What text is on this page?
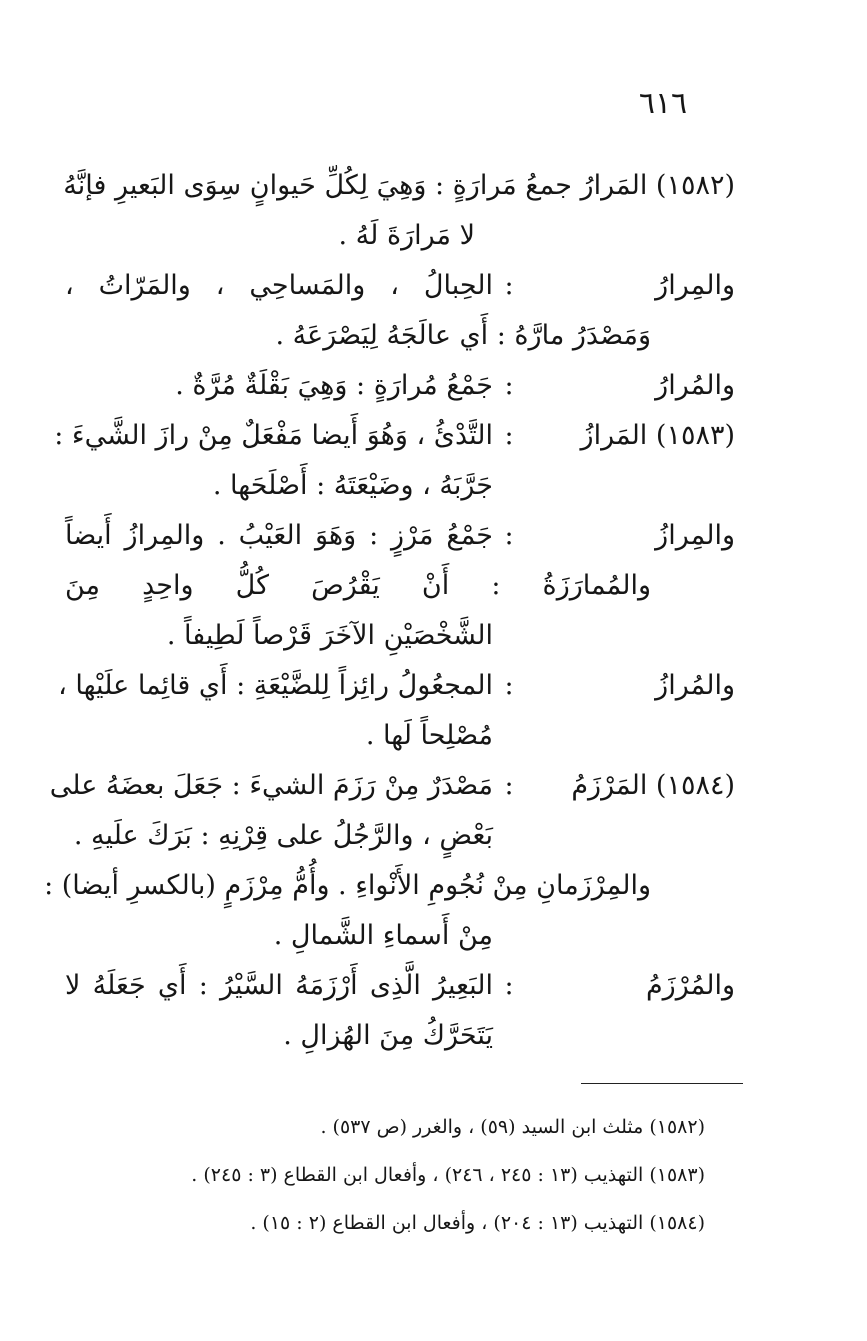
٦١٦
(١٥٨٢) المَرارُ جمعُ مَرارَةٍ : وَهِيَ لِكُلِّ حَيوانٍ سِوَى البَعيرِ فإنَّهُ
لا مَرارَةَ لَهُ .
والمِرارُ
:
الحِبالُ ، والمَساحِي ، والمَرّاتُ ،
وَمَصْدَرُ مارَّهُ : أَي عالَجَهُ لِيَصْرَعَهُ .
والمُرارُ
:
جَمْعُ مُرارَةٍ : وَهِيَ بَقْلَةٌ مُرَّةٌ .
(١٥٨٣) المَرازُ
:
التَّدْئُ ، وَهُوَ أَيضا مَفْعَلٌ مِنْ رازَ الشَّيءَ :
جَرَّبَهُ ، وضَيْعَتَهُ : أَصْلَحَها .
والمِرازُ
:
جَمْعُ مَرْزٍ : وَهَوَ العَيْبُ . والمِرازُ أَيضاً
والمُمارَزَةُ : أَنْ يَقْرُصَ كُلُّ واحِدٍ مِنَ
الشَّخْصَيْنِ الآخَرَ قَرْصاً لَطِيفاً .
والمُرازُ
:
المجعُولُ رائِزاً لِلضَّيْعَةِ : أَي قائِما علَيْها ،
مُصْلِحاً لَها .
(١٥٨٤) المَرْزَمُ
:
مَصْدَرٌ مِنْ رَزَمَ الشيءَ : جَعَلَ بعضَهُ على
بَعْضٍ ، والرَّجُلُ على قِرْنِهِ : بَرَكَ علَيهِ .
والمِرْزَمانِ مِنْ نُجُومِ الأَنْواءِ . وأُمُّ مِرْزَمٍ (بالكسرِ أيضا) :
مِنْ أَسماءِ الشَّمالِ .
والمُرْزَمُ
:
البَعِيرُ الَّذِى أَرْزَمَهُ السَّيْرُ : أَي جَعَلَهُ لا
يَتَحَرَّكُ مِنَ الهُزالِ .
(١٥٨٢) مثلث ابن السيد (٥٩) ، والغرر (ص ٥٣٧) .
(١٥٨٣) التهذيب (١٣ : ٢٤٥ ، ٢٤٦) ، وأفعال ابن القطاع (٣ : ٢٤٥) .
(١٥٨٤) التهذيب (١٣ : ٢٠٤) ، وأفعال ابن القطاع (٢ : ١٥) .
